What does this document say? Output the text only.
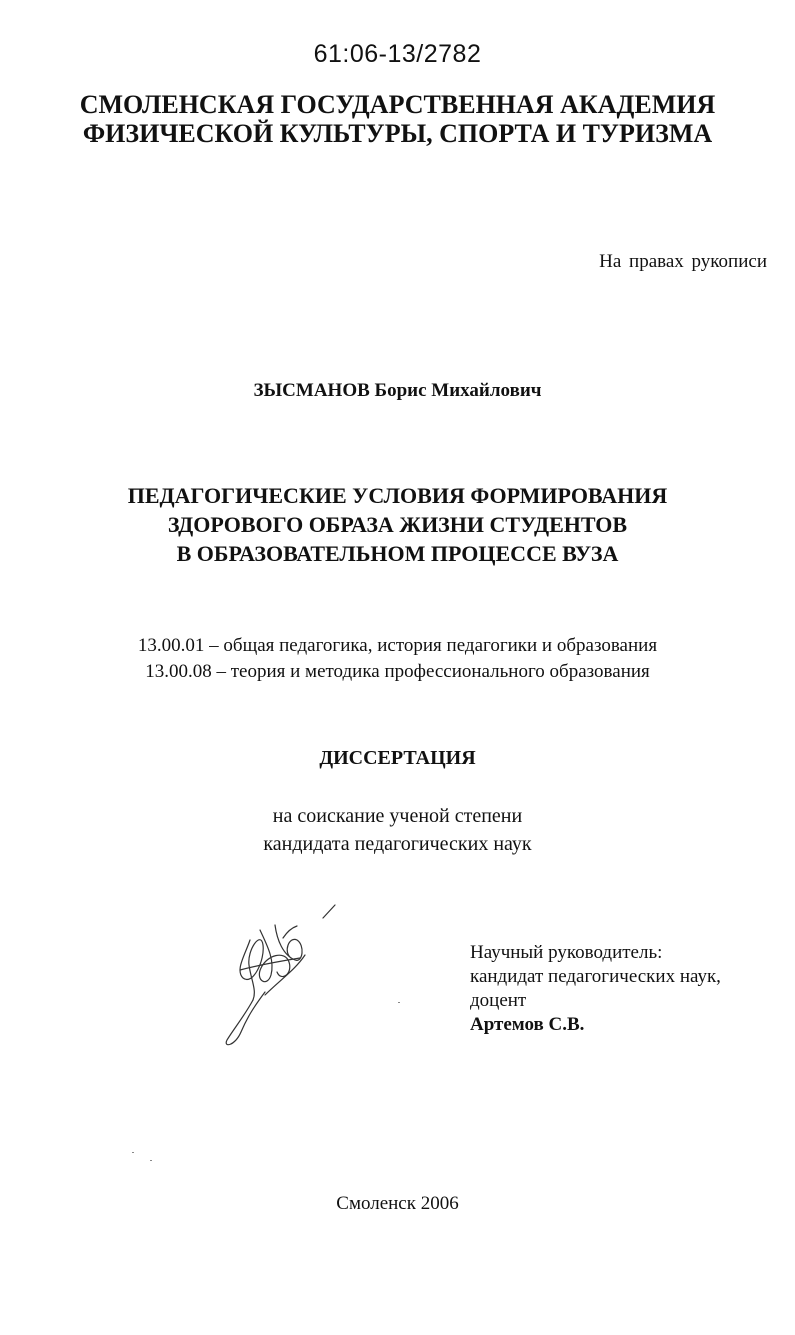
61:06-13/2782
СМОЛЕНСКАЯ ГОСУДАРСТВЕННАЯ АКАДЕМИЯ
ФИЗИЧЕСКОЙ КУЛЬТУРЫ, СПОРТА И ТУРИЗМА
На правах рукописи
ЗЫСМАНОВ Борис Михайлович
ПЕДАГОГИЧЕСКИЕ УСЛОВИЯ ФОРМИРОВАНИЯ
ЗДОРОВОГО ОБРАЗА ЖИЗНИ СТУДЕНТОВ
В ОБРАЗОВАТЕЛЬНОМ ПРОЦЕССЕ ВУЗА
13.00.01 – общая педагогика, история педагогики и образования
13.00.08 – теория и методика профессионального образования
ДИССЕРТАЦИЯ
на соискание ученой степени
кандидата педагогических наук
Научный руководитель:
кандидат педагогических наук,
доцент
Артемов С.В.
Смоленск 2006
